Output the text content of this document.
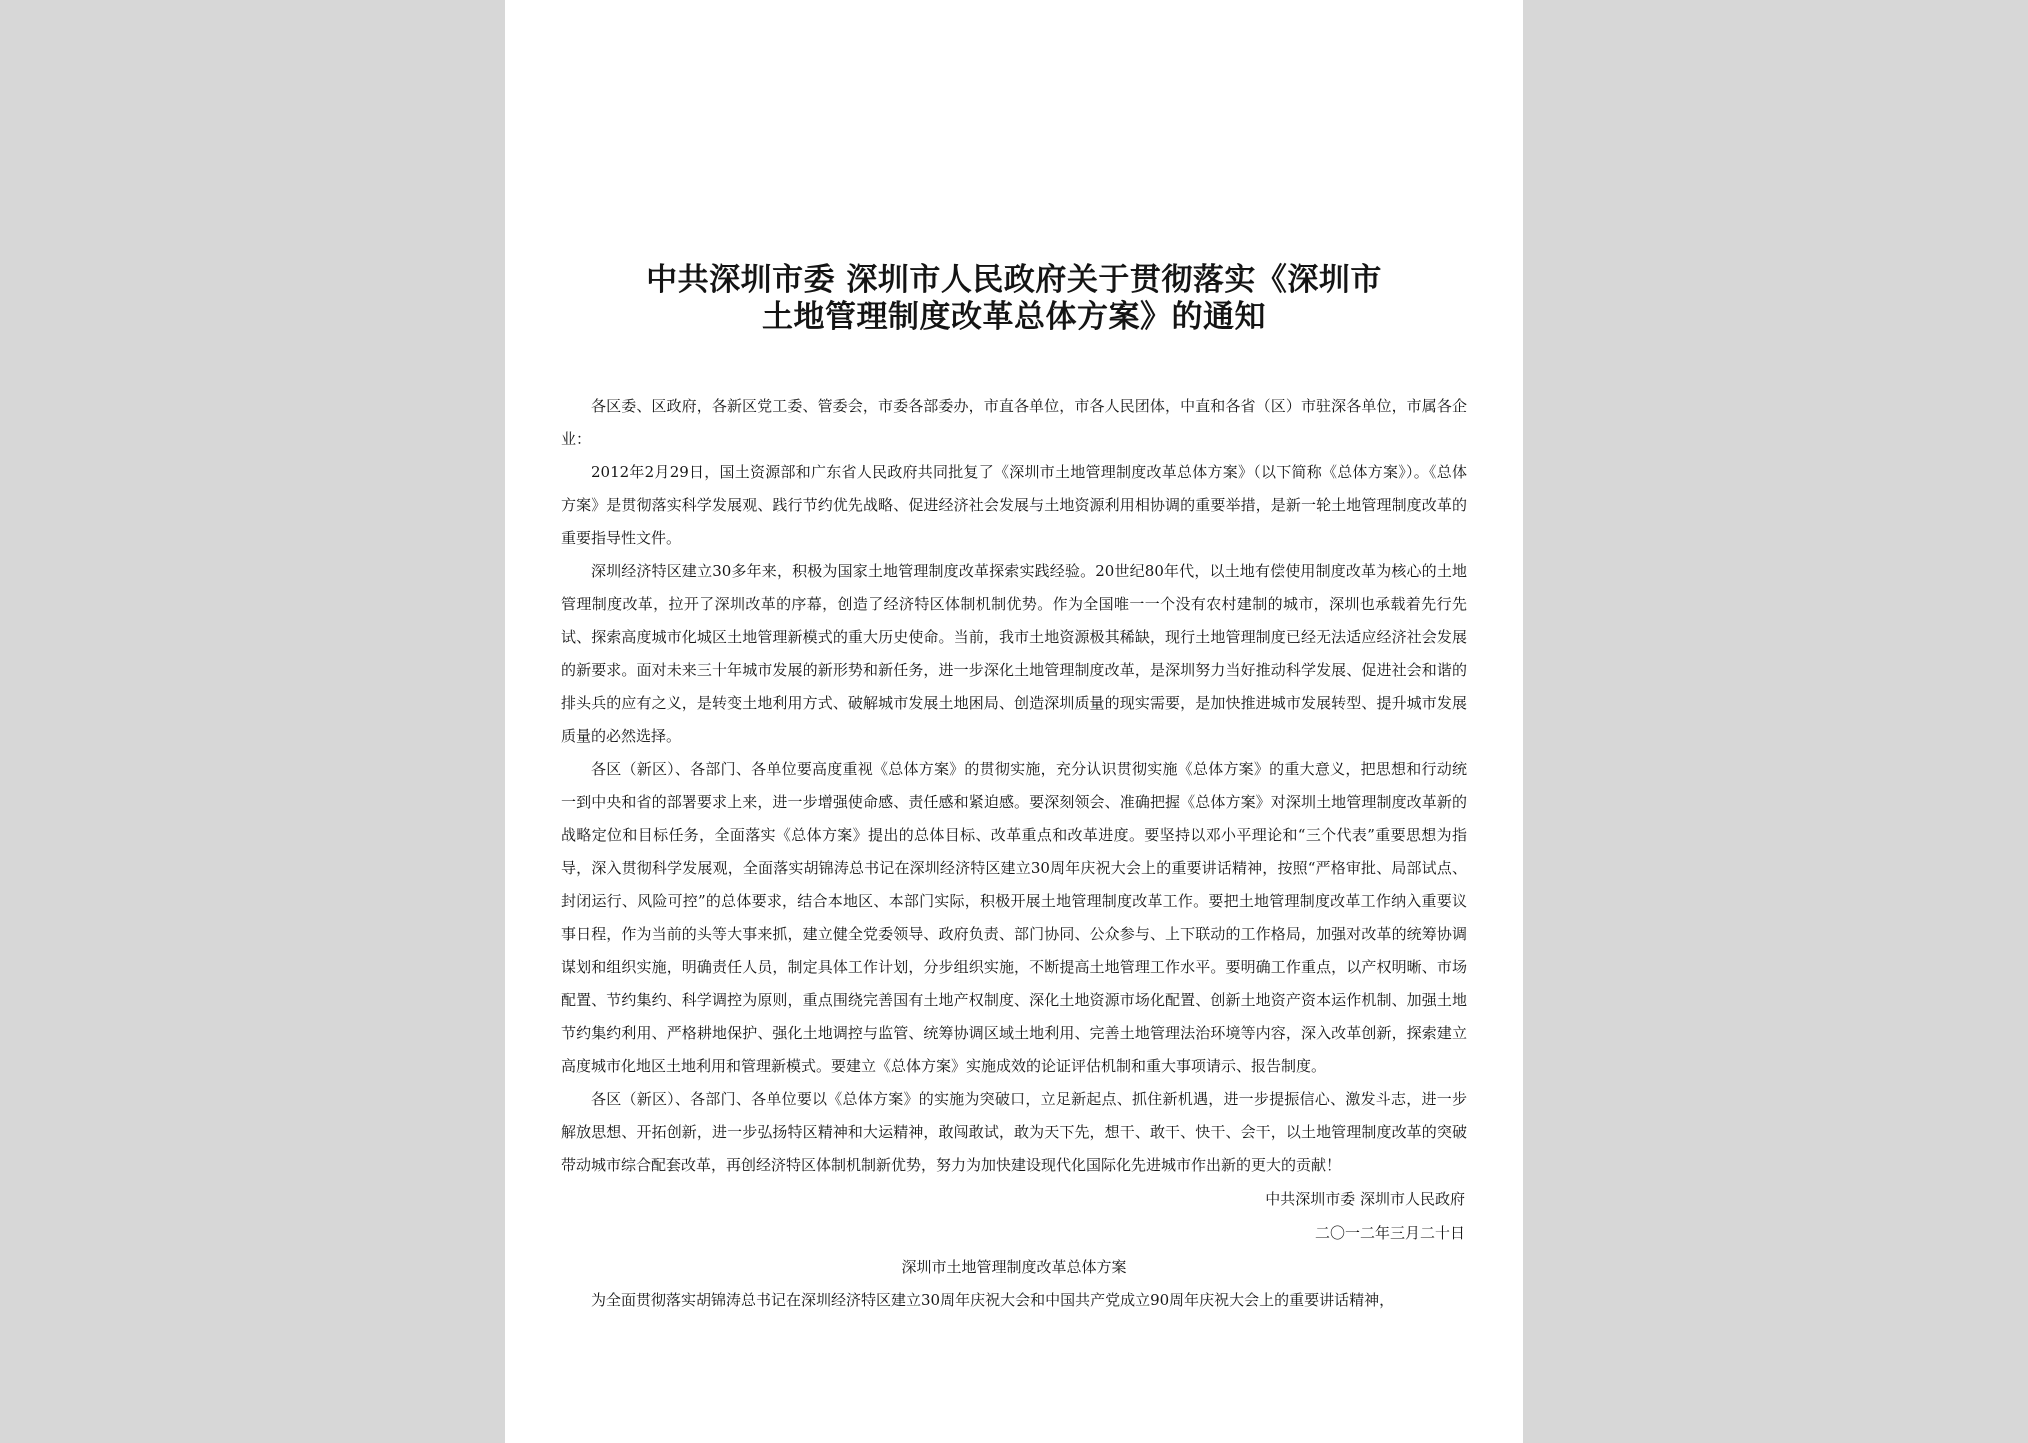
中共深圳市委 深圳市人民政府关于贯彻落实《深圳市
土地管理制度改革总体方案》的通知

各区委、区政府，各新区党工委、管委会，市委各部委办，市直各单位，市各人民团体，中直和各省（区）市驻深各单位，市属各企业：

2012年2月29日，国土资源部和广东省人民政府共同批复了《深圳市土地管理制度改革总体方案》（以下简称《总体方案》）。《总体方案》是贯彻落实科学发展观、践行节约优先战略、促进经济社会发展与土地资源利用相协调的重要举措，是新一轮土地管理制度改革的重要指导性文件。

深圳经济特区建立30多年来，积极为国家土地管理制度改革探索实践经验。20世纪80年代，以土地有偿使用制度改革为核心的土地管理制度改革，拉开了深圳改革的序幕，创造了经济特区体制机制优势。作为全国唯一一个没有农村建制的城市，深圳也承载着先行先试、探索高度城市化城区土地管理新模式的重大历史使命。当前，我市土地资源极其稀缺，现行土地管理制度已经无法适应经济社会发展的新要求。面对未来三十年城市发展的新形势和新任务，进一步深化土地管理制度改革，是深圳努力当好推动科学发展、促进社会和谐的排头兵的应有之义，是转变土地利用方式、破解城市发展土地困局、创造深圳质量的现实需要，是加快推进城市发展转型、提升城市发展质量的必然选择。

各区（新区）、各部门、各单位要高度重视《总体方案》的贯彻实施，充分认识贯彻实施《总体方案》的重大意义，把思想和行动统一到中央和省的部署要求上来，进一步增强使命感、责任感和紧迫感。要深刻领会、准确把握《总体方案》对深圳土地管理制度改革新的战略定位和目标任务，全面落实《总体方案》提出的总体目标、改革重点和改革进度。要坚持以邓小平理论和“三个代表”重要思想为指导，深入贯彻科学发展观，全面落实胡锦涛总书记在深圳经济特区建立30周年庆祝大会上的重要讲话精神，按照“严格审批、局部试点、封闭运行、风险可控”的总体要求，结合本地区、本部门实际，积极开展土地管理制度改革工作。要把土地管理制度改革工作纳入重要议事日程，作为当前的头等大事来抓，建立健全党委领导、政府负责、部门协同、公众参与、上下联动的工作格局，加强对改革的统筹协调谋划和组织实施，明确责任人员，制定具体工作计划，分步组织实施，不断提高土地管理工作水平。要明确工作重点，以产权明晰、市场配置、节约集约、科学调控为原则，重点围绕完善国有土地产权制度、深化土地资源市场化配置、创新土地资产资本运作机制、加强土地节约集约利用、严格耕地保护、强化土地调控与监管、统筹协调区域土地利用、完善土地管理法治环境等内容，深入改革创新，探索建立高度城市化地区土地利用和管理新模式。要建立《总体方案》实施成效的论证评估机制和重大事项请示、报告制度。

各区（新区）、各部门、各单位要以《总体方案》的实施为突破口，立足新起点、抓住新机遇，进一步提振信心、激发斗志，进一步解放思想、开拓创新，进一步弘扬特区精神和大运精神，敢闯敢试，敢为天下先，想干、敢干、快干、会干，以土地管理制度改革的突破带动城市综合配套改革，再创经济特区体制机制新优势，努力为加快建设现代化国际化先进城市作出新的更大的贡献！

中共深圳市委 深圳市人民政府

二〇一二年三月二十日

深圳市土地管理制度改革总体方案

为全面贯彻落实胡锦涛总书记在深圳经济特区建立30周年庆祝大会和中国共产党成立90周年庆祝大会上的重要讲话精神，
